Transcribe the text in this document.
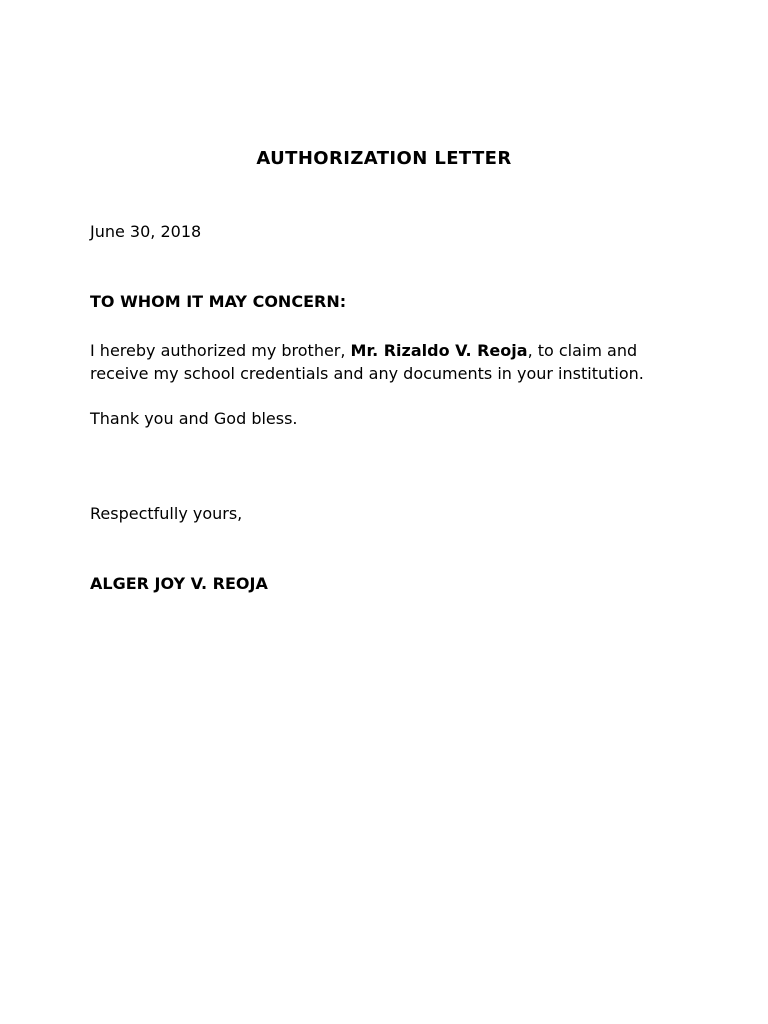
AUTHORIZATION LETTER

June 30, 2018

TO WHOM IT MAY CONCERN:

I hereby authorized my brother, Mr. Rizaldo V. Reoja, to claim and

receive my school credentials and any documents in your institution.

Thank you and God bless.

Respectfully yours,

ALGER JOY V. REOJA
